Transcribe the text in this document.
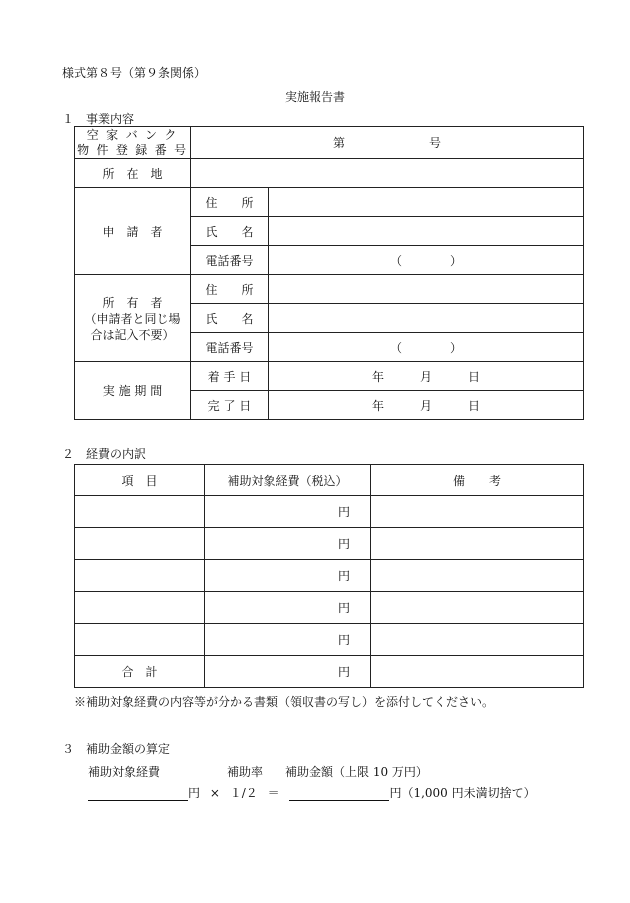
様式第８号（第９条関係）
実施報告書
１　事業内容
空 家 バ ン ク
物 件 登 録 番 号	第　　　　　　　号	
所　在　地		
申　請　者	住　　所	
	氏　　名	
	電話番号	（　　　　）

所　有　者
（申請者と同じ場
合は記入不要）	住　　所	
	氏　　名	
	電話番号	（　　　　）
実 施 期 間	着 手 日	年　　　月　　　日
	完 了 日	年　　　月　　　日
２　経費の内訳
項　目	補助対象経費（税込）	備　　考
	円	
	円	
	円	
	円	
	円	
合　計	円	
※補助対象経費の内容等が分かる書類（領収書の写し）を添付してください。
３　補助金額の算定
補助対象経費	補助率 補助金額（上限 10 万円）
円 × １/２ ＝	円（1,000 円未満切捨て）
